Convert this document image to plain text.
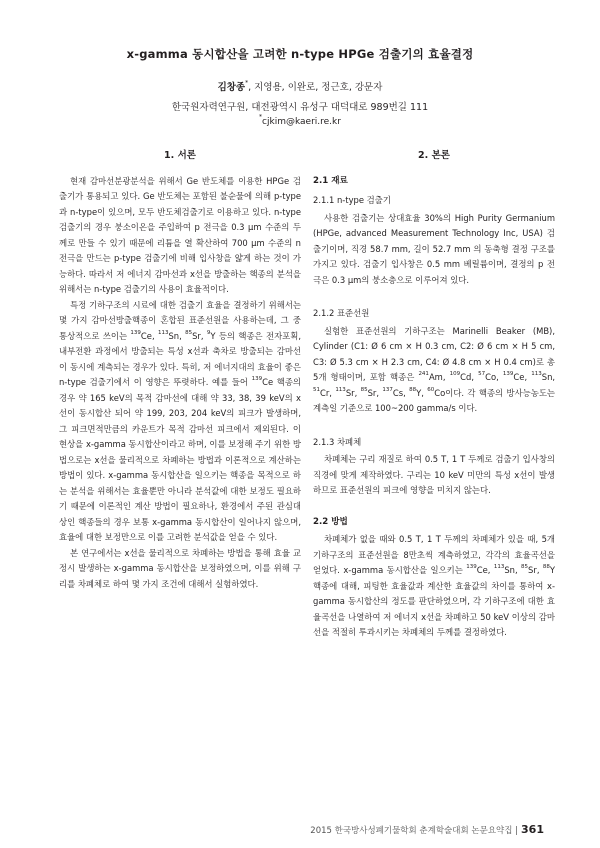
x-gamma 동시합산을 고려한 n-type HPGe 검출기의 효율결정
김창종*, 지영용, 이완로, 정근호, 강문자
한국원자력연구원, 대전광역시 유성구 대덕대로 989번길 111
*cjkim@kaeri.re.kr
1. 서론

현재 감마선분광분석을 위해서 Ge 반도체를 이용한 HPGe 검출기가 통용되고 있다. Ge 반도체는 포함된 불순물에 의해 p-type과 n-type이 있으며, 모두 반도체검출기로 이용하고 있다. n-type 검출기의 경우 붕소이온을 주입하여 p 전극을 0.3 μm 수준의 두께로 만들 수 있기 때문에 리튬을 열 확산하여 700 μm 수준의 n전극을 만드는 p-type 검출기에 비해 입사창을 얇게 하는 것이 가능하다. 따라서 저 에너지 감마선과 x선을 방출하는 핵종의 분석을 위해서는 n-type 검출기의 사용이 효율적이다.

특정 기하구조의 시료에 대한 검출기 효율을 결정하기 위해서는 몇 가지 감마선방출핵종이 혼합된 표준선원을 사용하는데, 그 중 통상적으로 쓰이는 $^{139}$Ce, $^{113}$Sn, $^{85}$Sr, $^9$Y 등의 핵종은 전자포획, 내부전환 과정에서 방출되는 특성 x선과 축차로 방출되는 감마선이 동시에 계측되는 경우가 있다. 특히, 저 에너지대의 효율이 좋은 n-type 검출기에서 이 영향은 뚜렷하다. 예를 들어 $^{139}$Ce 핵종의 경우 약 165 keV의 목적 감마선에 대해 약 33, 38, 39 keV의 x선이 동시합산 되어 약 199, 203, 204 keV의 피크가 발생하며, 그 피크면적만큼의 카운트가 목적 감마선 피크에서 제외된다. 이 현상을 x-gamma 동시합산이라고 하며, 이를 보정해 주기 위한 방법으로는 x선을 물리적으로 차폐하는 방법과 이론적으로 계산하는 방법이 있다. x-gamma 동시합산을 일으키는 핵종을 목적으로 하는 분석을 위해서는 효율뿐만 아니라 분석값에 대한 보정도 필요하기 때문에 이론적인 계산 방법이 필요하나, 환경에서 주된 관심대상인 핵종들의 경우 보통 x-gamma 동시합산이 일어나지 않으며, 효율에 대한 보정만으로 이를 고려한 분석값을 얻을 수 있다.

본 연구에서는 x선을 물리적으로 차폐하는 방법을 통해 효율 교정시 발생하는 x-gamma 동시합산을 보정하였으며, 이를 위해 구리를 차폐체로 하여 몇 가지 조건에 대해서 실험하였다.

2. 본론
2.1 재료
2.1.1 n-type 검출기

사용한 검출기는 상대효율 30%의 High Purity Germanium (HPGe, advanced Measurement Technology Inc, USA) 검출기이며, 직경 58.7 mm, 길이 52.7 mm 의 동축형 결정 구조를 가지고 있다. 검출기 입사창은 0.5 mm 베릴륨이며, 결정의 p 전극은 0.3 μm의 붕소층으로 이루어져 있다.

2.1.2 표준선원

실험한 표준선원의 기하구조는 Marinelli Beaker (MB), Cylinder (C1: Ø 6 cm × H 0.3 cm, C2: Ø 6 cm × H 5 cm, C3: Ø 5.3 cm × H 2.3 cm, C4: Ø 4.8 cm × H 0.4 cm)로 총 5개 형태이며, 포함 핵종은 $^{241}$Am, $^{109}$Cd, $^{57}$Co, $^{139}$Ce, $^{113}$Sn, $^{51}$Cr, $^{113}$Sr, $^{85}$Sr, $^{137}$Cs, $^{88}$Y, $^{60}$Co이다. 각 핵종의 방사능농도는 계측일 기준으로 100~200 gamma/s 이다.

2.1.3 차폐체

차폐체는 구리 재질로 하여 0.5 T, 1 T 두께로 검출기 입사창의 직경에 맞게 제작하였다. 구리는 10 keV 미만의 특성 x선이 발생하므로 표준선원의 피크에 영향을 미치지 않는다.

2.2 방법

차폐체가 없을 때와 0.5 T, 1 T 두께의 차폐체가 있을 때, 5개 기하구조의 표준선원을 8만초씩 계측하였고, 각각의 효율곡선을 얻었다. x-gamma 동시합산을 일으키는 $^{139}$Ce, $^{113}$Sn, $^{85}$Sr, $^{88}$Y 핵종에 대해, 피팅한 효율값과 계산한 효율값의 차이를 통하여 x-gamma 동시합산의 정도를 판단하였으며, 각 기하구조에 대한 효율곡선을 나열하여 저 에너지 x선을 차폐하고 50 keV 이상의 감마선을 적절히 투과시키는 차폐체의 두께를 결정하였다.

2015 한국방사성폐기물학회 춘계학술대회 논문요약집 | 361
